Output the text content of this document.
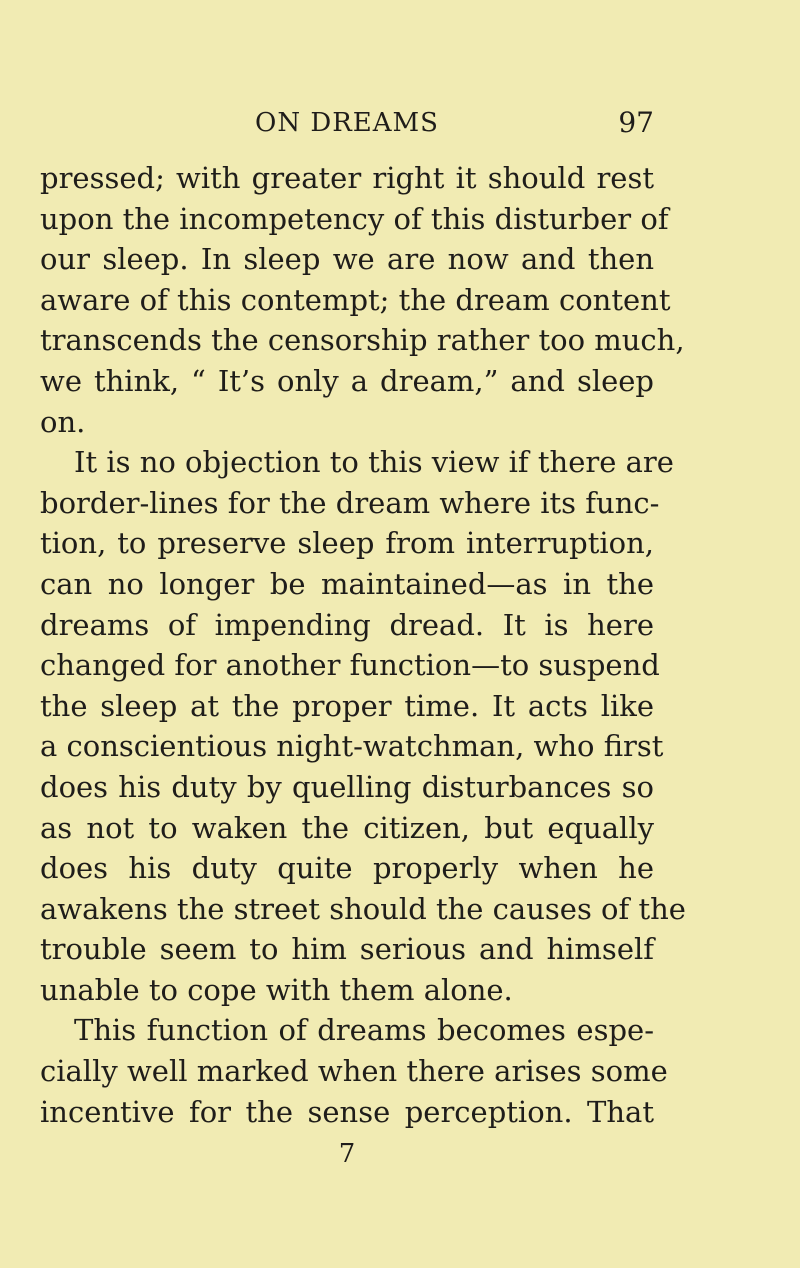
ON DREAMS	97
pressed; with greater right it should rest
upon the incompetency of this disturber of
our sleep. In sleep we are now and then
aware of this contempt; the dream content
transcends the censorship rather too much,
we think, “ It’s only a dream,” and sleep
on.
It is no objection to this view if there are
border-lines for the dream where its func-
tion, to preserve sleep from interruption,
can no longer be maintained—as in the
dreams of impending dread. It is here
changed for another function—to suspend
the sleep at the proper time. It acts like
a conscientious night-watchman, who first
does his duty by quelling disturbances so
as not to waken the citizen, but equally
does his duty quite properly when he
awakens the street should the causes of the
trouble seem to him serious and himself
unable to cope with them alone.
This function of dreams becomes espe-
cially well marked when there arises some
incentive for the sense perception. That
7
